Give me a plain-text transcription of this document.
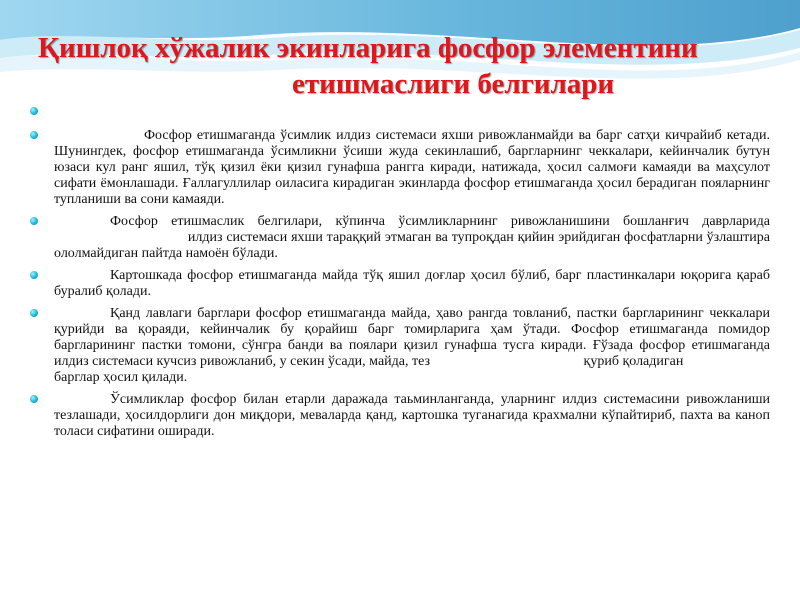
Қишлоқ хўжалик экинларига фосфор элементини
етишмаслиги белгилари
Фосфор етишмаганда ўсимлик илдиз системаси яхши ривожланмайди ва барг сатҳи кичрайиб кетади. Шунингдек, фосфор етишмаганда ўсимликни ўсиши жуда секинлашиб, баргларнинг чеккалари, кейинчалик бутун юзаси кул ранг яшил, тўқ қизил ёки қизил гунафша рангга киради, натижада, ҳосил салмоғи камаяди ва маҳсулот сифати ёмонлашади. Ғаллагуллилар оиласига кирадиган экинларда фосфор етишмаганда ҳосил берадиган пояларнинг тупланиши ва сони камаяди.
Фосфор етишмаслик белгилари, кўпинча ўсимликларнинг ривожланишини бошланғич даврларида илдиз системаси яхши тараққий этмаган ва тупроқдан қийин эрийдиган фосфатларни ўзлаштира ололмайдиган пайтда намоён бўлади.
Картошкада фосфор етишмаганда майда тўқ яшил доғлар ҳосил бўлиб, барг пластинкалари юқорига қараб буралиб қолади.
Қанд лавлаги барглари фосфор етишмаганда майда, ҳаво рангда товланиб, пастки баргларининг чеккалари қурийди ва қораяди, кейинчалик бу қорайиш барг томирларига ҳам ўтади. Фосфор етишмаганда помидор баргларининг пастки томони, сўнгра банди ва поялари қизил гунафша тусга киради. Ғўзада фосфор етишмаганда илдиз системаси кучсиз ривожланиб, у секин ўсади, майда, тез	қуриб қоладиган
барглар ҳосил қилади.
Ўсимликлар фосфор билан етарли даражада таьминланганда, уларнинг илдиз системасини ривожланиши тезлашади, ҳосилдорлиги дон миқдори, меваларда қанд, картошка туганагида крахмални кўпайтириб, пахта ва каноп толаси сифатини оширади.
